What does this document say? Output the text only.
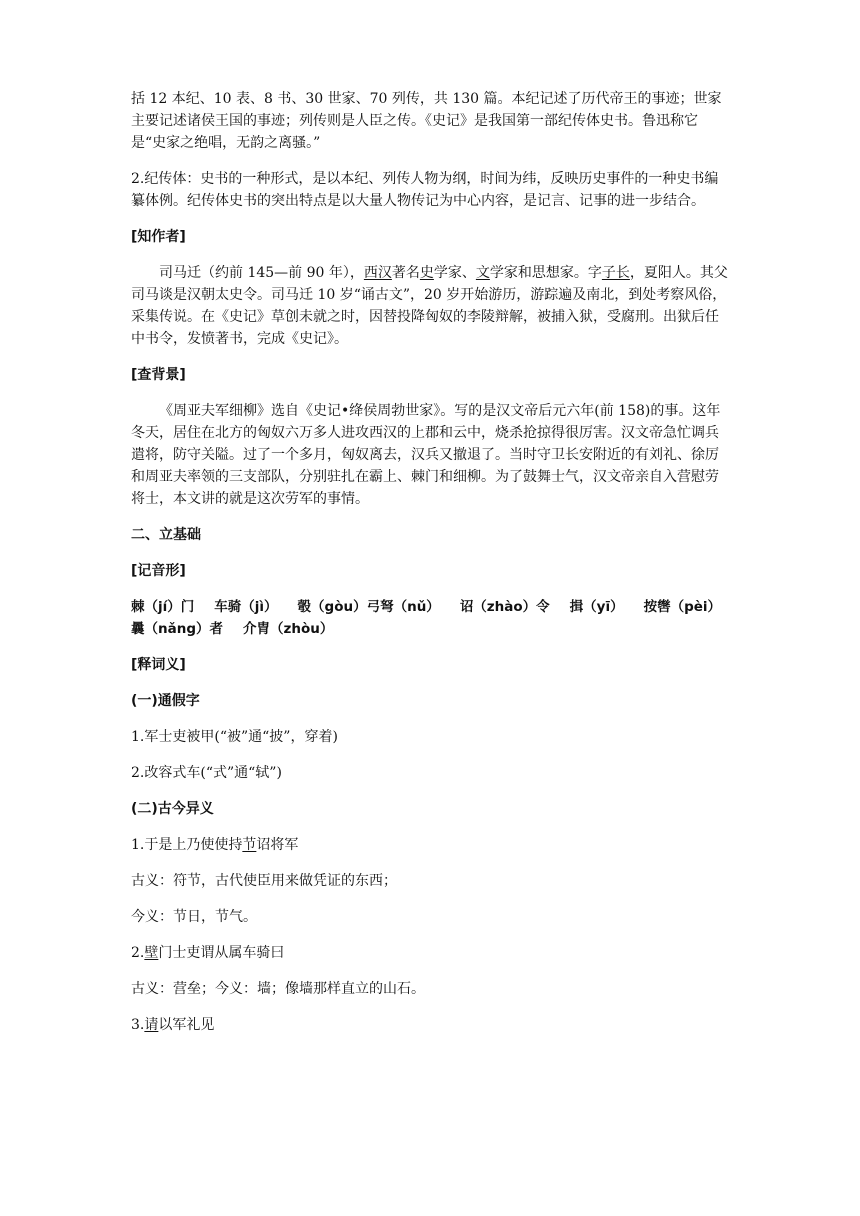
括 12 本纪、10 表、8 书、30 世家、70 列传，共 130 篇。本纪记述了历代帝王的事迹；世家主要记述诸侯王国的事迹；列传则是人臣之传。《史记》是我国第一部纪传体史书。鲁迅称它是“史家之绝唱，无韵之离骚。”

2.纪传体：史书的一种形式，是以本纪、列传人物为纲，时间为纬，反映历史事件的一种史书编纂体例。纪传体史书的突出特点是以大量人物传记为中心内容，是记言、记事的进一步结合。

[知作者]

司马迁（约前 145—前 90 年），西汉著名史学家、文学家和思想家。字子长，夏阳人。其父司马谈是汉朝太史令。司马迁 10 岁“诵古文”，20 岁开始游历，游踪遍及南北，到处考察风俗，采集传说。在《史记》草创未就之时，因替投降匈奴的李陵辩解，被捕入狱，受腐刑。出狱后任中书令，发愤著书，完成《史记》。

[查背景]

《周亚夫军细柳》选自《史记•绛侯周勃世家》。写的是汉文帝后元六年(前 158)的事。这年冬天，居住在北方的匈奴六万多人进攻西汉的上郡和云中，烧杀抢掠得很厉害。汉文帝急忙调兵遣将，防守关隘。过了一个多月，匈奴离去，汉兵又撤退了。当时守卫长安附近的有刘礼、徐厉和周亚夫率领的三支部队，分别驻扎在霸上、棘门和细柳。为了鼓舞士气，汉文帝亲自入营慰劳将士，本文讲的就是这次劳军的事情。

二、立基础

[记音形]

棘（jí）门 车骑（jì） 彀（gòu）弓弩（nǔ） 诏（zhào）令 揖（yī） 按辔（pèi）曩（nǎng）者 介胄（zhòu）

[释词义]

(一)通假字

1.军士吏被甲(“被”通“披”，穿着)

2.改容式车(“式”通“轼”)

(二)古今异义

1.于是上乃使使持节诏将军

古义：符节，古代使臣用来做凭证的东西；

今义：节日，节气。

2.壁门士吏谓从属车骑曰

古义：营垒；今义：墙；像墙那样直立的山石。

3.请以军礼见
